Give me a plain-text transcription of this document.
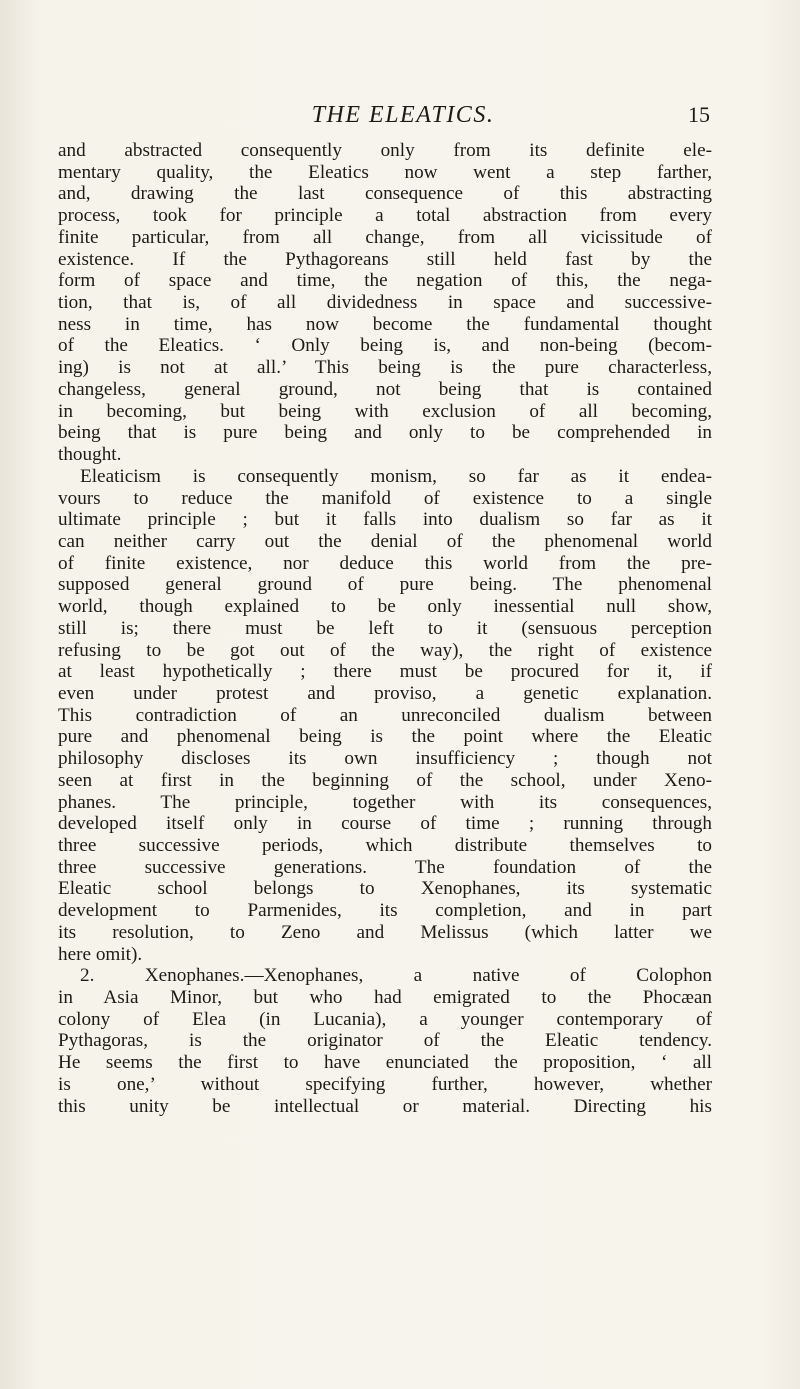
THE ELEATICS.	15
and abstracted consequently only from its definite ele-
mentary quality, the Eleatics now went a step farther,
and, drawing the last consequence of this abstracting
process, took for principle a total abstraction from every
finite particular, from all change, from all vicissitude of
existence. If the Pythagoreans still held fast by the
form of space and time, the negation of this, the nega-
tion, that is, of all dividedness in space and successive-
ness in time, has now become the fundamental thought
of the Eleatics. ‘ Only being is, and non-being (becom-
ing) is not at all.’ This being is the pure characterless,
changeless, general ground, not being that is contained
in becoming, but being with exclusion of all becoming,
being that is pure being and only to be comprehended in
thought.
Eleaticism is consequently monism, so far as it endea-
vours to reduce the manifold of existence to a single
ultimate principle ; but it falls into dualism so far as it
can neither carry out the denial of the phenomenal world
of finite existence, nor deduce this world from the pre-
supposed general ground of pure being. The phenomenal
world, though explained to be only inessential null show,
still is; there must be left to it (sensuous perception
refusing to be got out of the way), the right of existence
at least hypothetically ; there must be procured for it, if
even under protest and proviso, a genetic explanation.
This contradiction of an unreconciled dualism between
pure and phenomenal being is the point where the Eleatic
philosophy discloses its own insufficiency ; though not
seen at first in the beginning of the school, under Xeno-
phanes. The principle, together with its consequences,
developed itself only in course of time ; running through
three successive periods, which distribute themselves to
three successive generations. The foundation of the
Eleatic school belongs to Xenophanes, its systematic
development to Parmenides, its completion, and in part
its resolution, to Zeno and Melissus (which latter we
here omit).
2. Xenophanes.—Xenophanes, a native of Colophon
in Asia Minor, but who had emigrated to the Phocæan
colony of Elea (in Lucania), a younger contemporary of
Pythagoras, is the originator of the Eleatic tendency.
He seems the first to have enunciated the proposition, ‘ all
is one,’ without specifying further, however, whether
this unity be intellectual or material. Directing his
